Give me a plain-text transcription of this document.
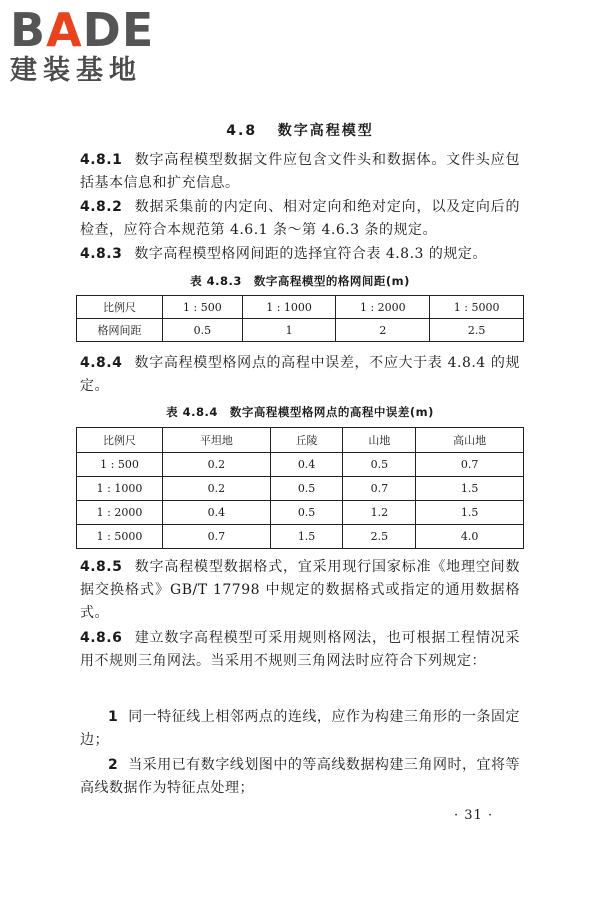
BADE
建装基地
4.8 数字高程模型
4.8.1 数字高程模型数据文件应包含文件头和数据体。文件头应包括基本信息和扩充信息。
4.8.2 数据采集前的内定向、相对定向和绝对定向，以及定向后的检查，应符合本规范第 4.6.1 条～第 4.6.3 条的规定。
4.8.3 数字高程模型格网间距的选择宜符合表 4.8.3 的规定。
表 4.8.3　数字高程模型的格网间距(m)
比例尺	1 : 500	1 : 1000	1 : 2000	1 : 5000
格网间距	0.5	1	2	2.5
4.8.4 数字高程模型格网点的高程中误差，不应大于表 4.8.4 的规定。
表 4.8.4　数字高程模型格网点的高程中误差(m)
比例尺	平坦地	丘陵	山地	高山地
1 : 500	0.2	0.4	0.5	0.7
1 : 1000	0.2	0.5	0.7	1.5
1 : 2000	0.4	0.5	1.2	1.5
1 : 5000	0.7	1.5	2.5	4.0
4.8.5 数字高程模型数据格式，宜采用现行国家标准《地理空间数据交换格式》GB/T 17798 中规定的数据格式或指定的通用数据格式。
4.8.6 建立数字高程模型可采用规则格网法，也可根据工程情况采用不规则三角网法。当采用不规则三角网法时应符合下列规定：
1 同一特征线上相邻两点的连线，应作为构建三角形的一条固定边；
2 当采用已有数字线划图中的等高线数据构建三角网时，宜将等高线数据作为特征点处理；
· 31 ·
